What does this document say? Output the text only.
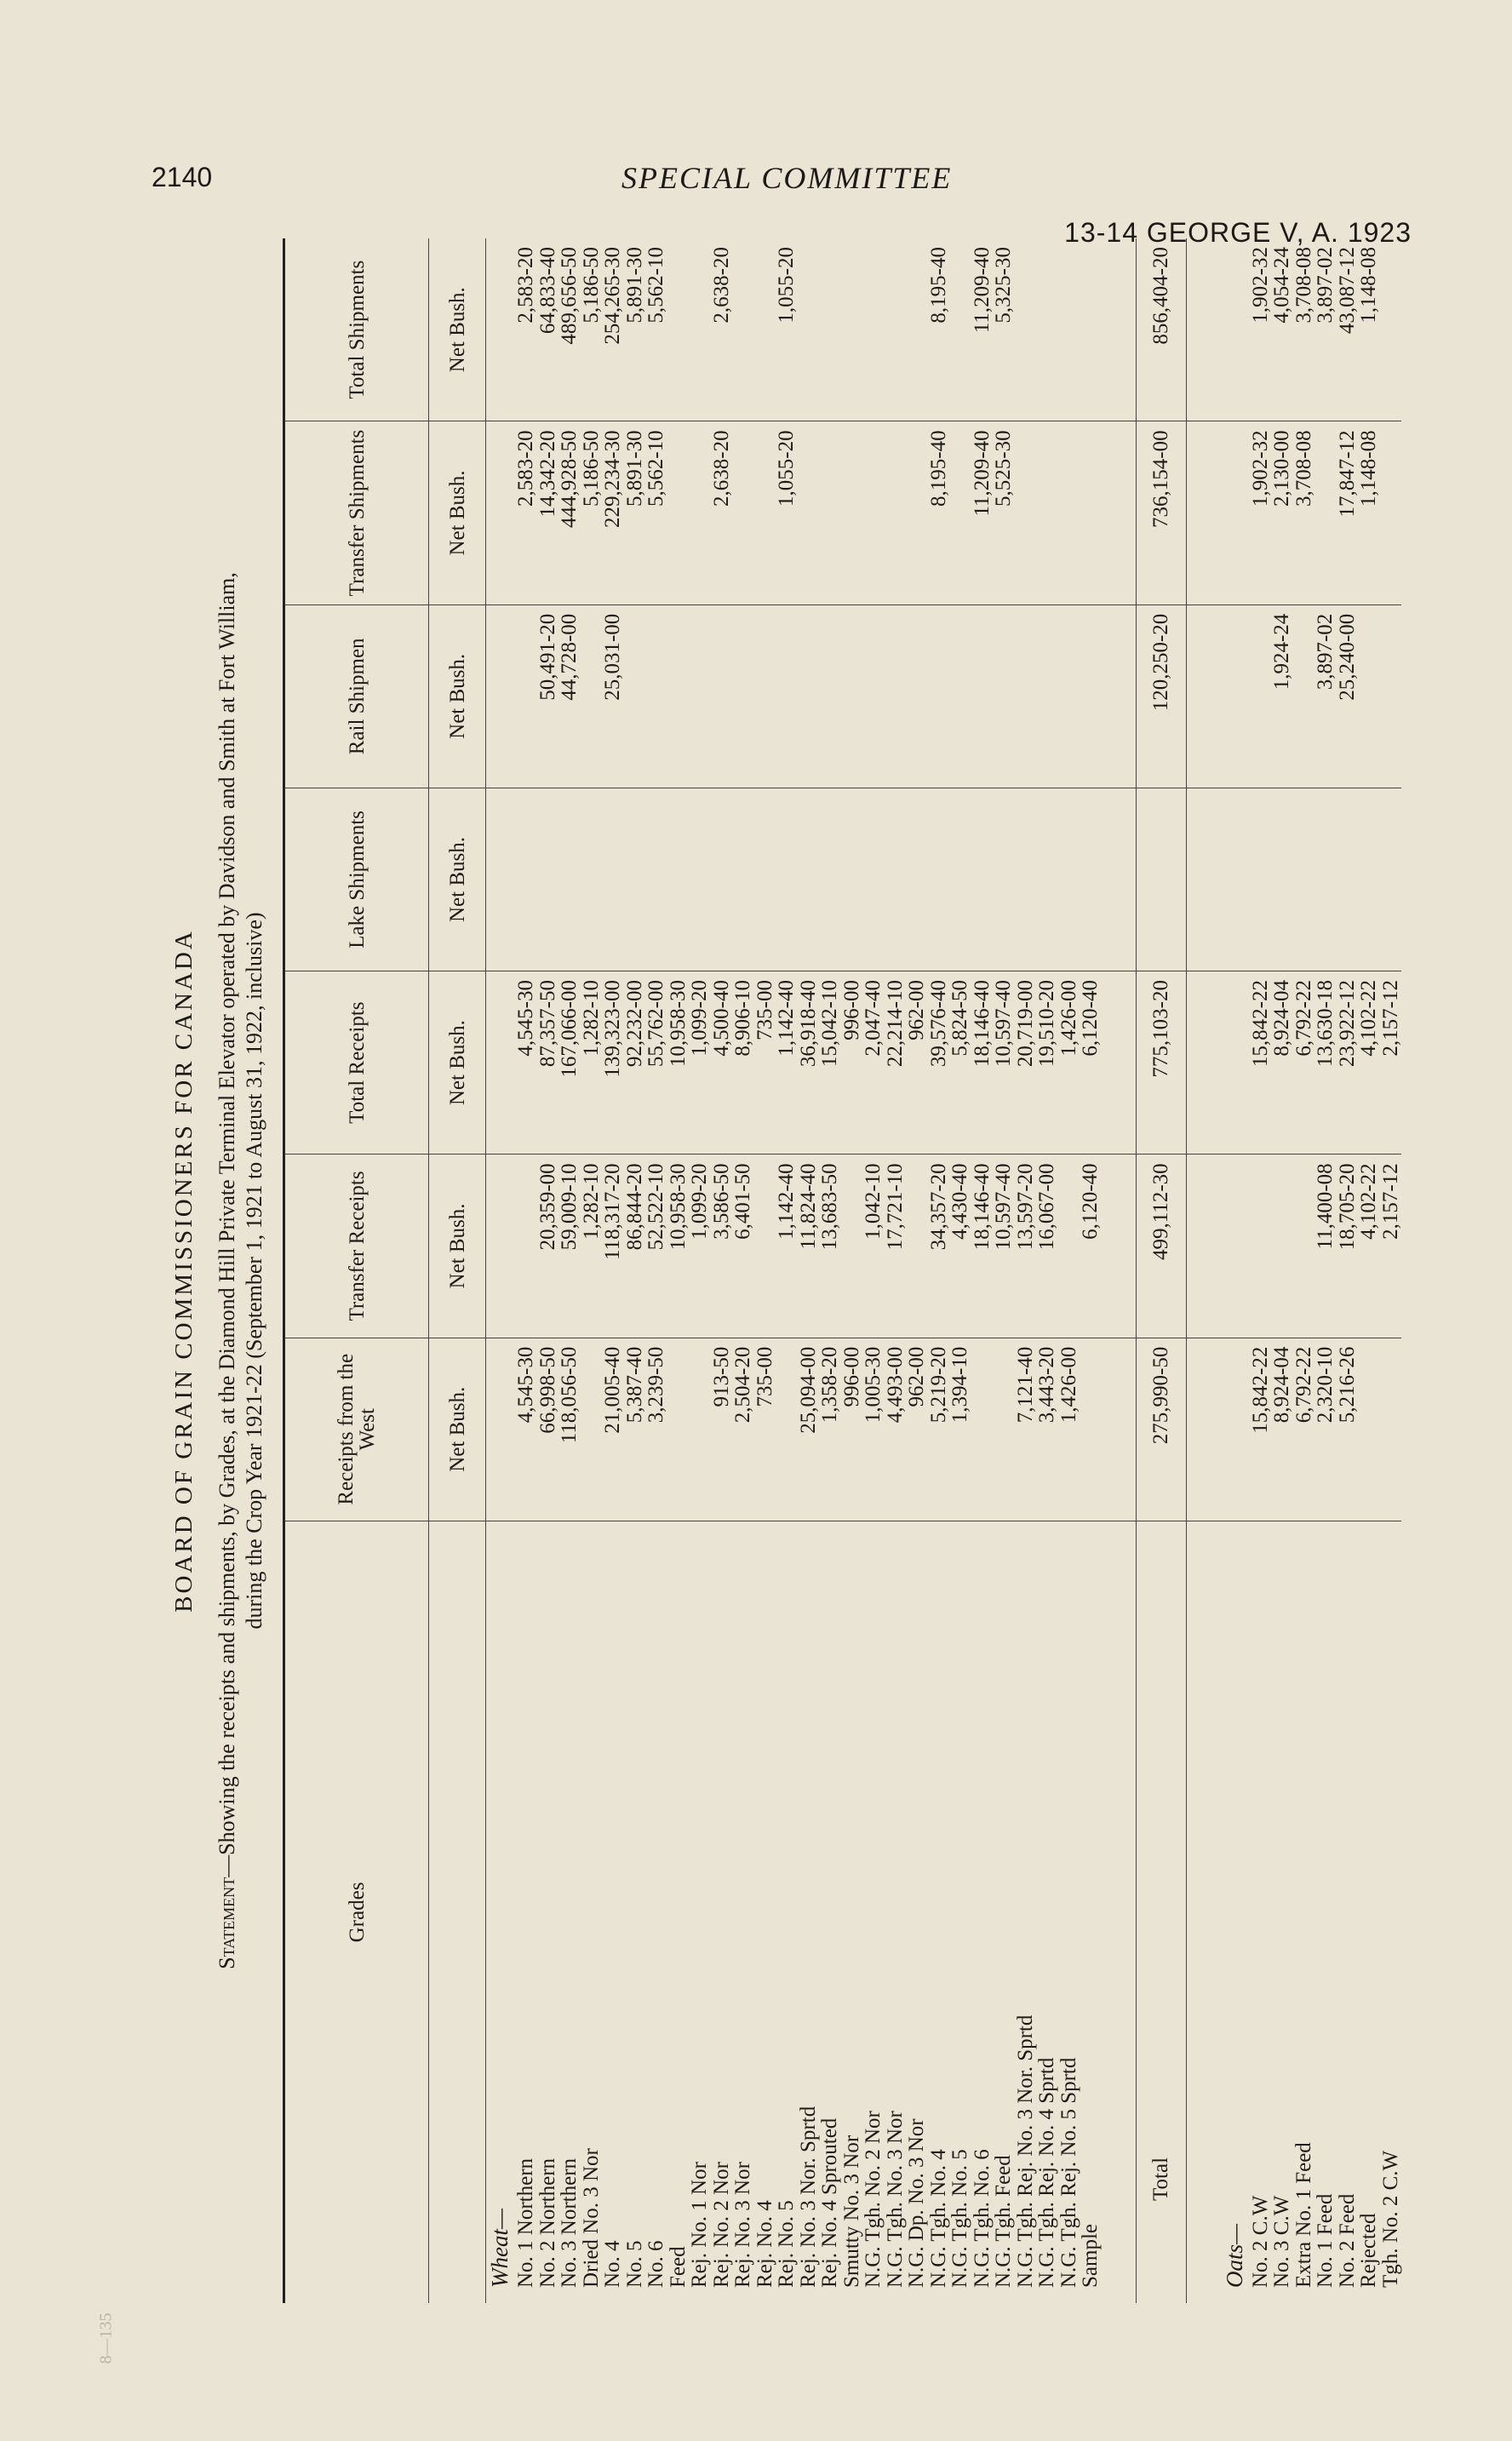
2140	SPECIAL COMMITTEE
13-14 GEORGE V, A. 1923
BOARD OF GRAIN COMMISSIONERS FOR CANADA
Statement—Showing the receipts and shipments, by Grades, at the Diamond Hill Private Terminal Elevator operated by Davidson and Smith at Fort William, during the Crop Year 1921-22 (September 1, 1921 to August 31, 1922, inclusive)
Grades	Receipts from the West	Transfer Receipts	Total Receipts	Lake Shipments	Rail Shipmen	Transfer Shipments	Total Shipments
	Net Bush.	Net Bush.	Net Bush.	Net Bush.	Net Bush.	Net Bush.	Net Bush.
Wheat—							
No. 1 Northern	4,545-30		4,545-30			2,583-20	2,583-20
No. 2 Northern	66,998-50	20,359-00	87,357-50		50,491-20	14,342-20	64,833-40
No. 3 Northern	118,056-50	59,009-10	167,066-00		44,728-00	444,928-50	489,656-50
Dried No. 3 Nor		1,282-10	1,282-10			5,186-50	5,186-50
No. 4	21,005-40	118,317-20	139,323-00		25,031-00	229,234-30	254,265-30
No. 5	5,387-40	86,844-20	92,232-00			5,891-30	5,891-30
No. 6	3,239-50	52,522-10	55,762-00			5,562-10	5,562-10
Feed		10,958-30	10,958-30				
Rej. No. 1 Nor		1,099-20	1,099-20				
Rej. No. 2 Nor	913-50	3,586-50	4,500-40			2,638-20	2,638-20
Rej. No. 3 Nor	2,504-20	6,401-50	8,906-10				
Rej. No. 4	735-00		735-00				
Rej. No. 5		1,142-40	1,142-40			1,055-20	1,055-20
Rej. No. 3 Nor. Sprtd	25,094-00	11,824-40	36,918-40				
Rej. No. 4 Sprouted	1,358-20	13,683-50	15,042-10				
Smutty No. 3 Nor	996-00		996-00				
N.G. Tgh. No. 2 Nor	1,005-30	1,042-10	2,047-40				
N.G. Tgh. No. 3 Nor	4,493-00	17,721-10	22,214-10				
N.G. Dp. No. 3 Nor	962-00		962-00				
N.G. Tgh. No. 4	5,219-20	34,357-20	39,576-40			8,195-40	8,195-40
N.G. Tgh. No. 5	1,394-10	4,430-40	5,824-50				
N.G. Tgh. No. 6		18,146-40	18,146-40			11,209-40	11,209-40
N.G. Tgh. Feed		10,597-40	10,597-40			5,525-30	5,325-30
N.G. Tgh. Rej. No. 3 Nor. Sprtd	7,121-40	13,597-20	20,719-00				
N.G. Tgh. Rej. No. 4 Sprtd	3,443-20	16,067-00	19,510-20				
N.G. Tgh. Rej. No. 5 Sprtd	1,426-00		1,426-00				
Sample		6,120-40	6,120-40				

Total	275,990-50	499,112-30	775,103-20		120,250-20	736,154-00	856,404-20

Oats—							
No. 2 C.W	15,842-22		15,842-22			1,902-32	1,902-32
No. 3 C.W	8,924-04		8,924-04		1,924-24	2,130-00	4,054-24
Extra No. 1 Feed	6,792-22		6,792-22			3,708-08	3,708-08
No. 1 Feed	2,320-10	11,400-08	13,630-18		3,897-02		3,897-02
No. 2 Feed	5,216-26	18,705-20	23,922-12		25,240-00	17,847-12	43,087-12
Rejected		4,102-22	4,102-22			1,148-08	1,148-08
Tgh. No. 2 C.W		2,157-12	2,157-12				
8—135
